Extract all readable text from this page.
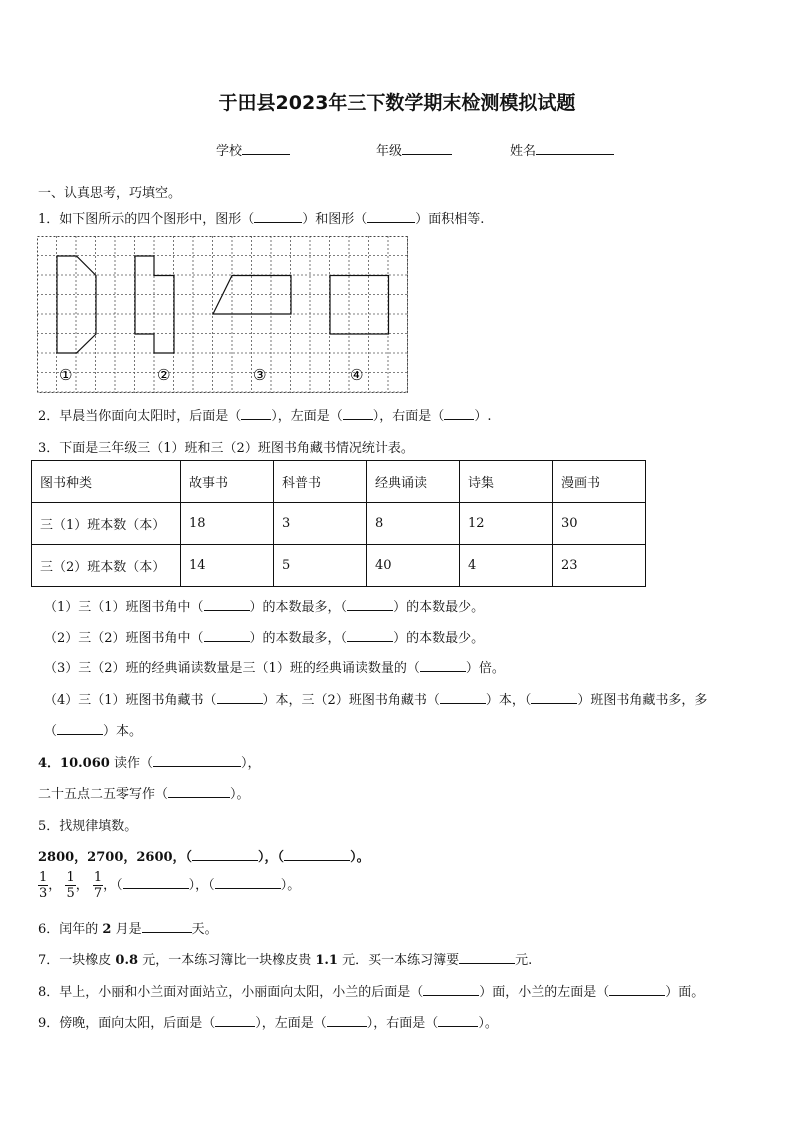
于田县2023年三下数学期末检测模拟试题
学校	年级	姓名
一、认真思考，巧填空。
1．如下图所示的四个图形中，图形（	）和图形（	）面积相等.
①	②	③	④
2．早晨当你面向太阳时，后面是（ ），左面是（ ），右面是（ ）.
3．下面是三年级三（1）班和三（2）班图书角藏书情况统计表。
图书种类	故事书	科普书	经典诵读	诗集	漫画书
三（1）班本数（本）	18	3	8	12	30
三（2）班本数（本）	14	5	40	4	23
（1）三（1）班图书角中（	）的本数最多，（	）的本数最少。
（2）三（2）班图书角中（	）的本数最多，（	）的本数最少。
（3）三（2）班的经典诵读数量是三（1）班的经典诵读数量的（	）倍。
（4）三（1）班图书角藏书（	）本，三（2）班图书角藏书（	）本，（	）班图书角藏书多，多
（	）本。
4．10.060 读作（	），
二十五点二五零写作（	）。
5．找规律填数。
2800，2700，2600，（	），（	）。
$\frac{1}{3}$ ， $\frac{1}{5}$ ， $\frac{1}{7}$ ，（	），（	）。
6．闰年的 2 月是	天。
7．一块橡皮 0.8 元，一本练习簿比一块橡皮贵 1.1 元．买一本练习簿要	元.
8．早上，小丽和小兰面对面站立，小丽面向太阳，小兰的后面是（	）面，小兰的左面是（	）面。
9．傍晚，面向太阳，后面是（	），左面是（	），右面是（	）。
